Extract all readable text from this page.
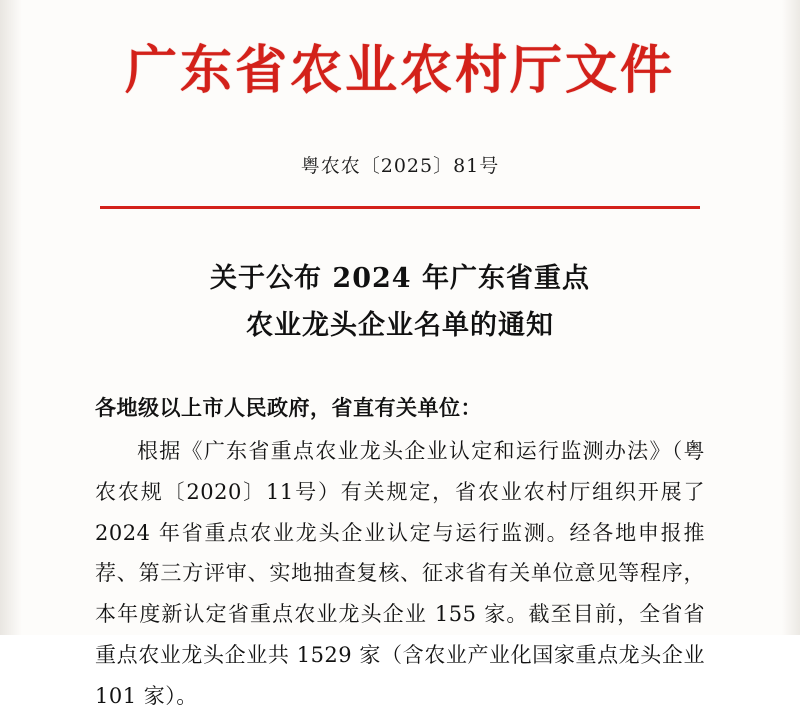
广东省农业农村厅文件
粤农农〔2025〕81号
关于公布 2024 年广东省重点
农业龙头企业名单的通知
各地级以上市人民政府，省直有关单位：

根据《广东省重点农业龙头企业认定和运行监测办法》（粤农农规〔2020〕11号）有关规定，省农业农村厅组织开展了 2024 年省重点农业龙头企业认定与运行监测。经各地申报推荐、第三方评审、实地抽查复核、征求省有关单位意见等程序，本年度新认定省重点农业龙头企业 155 家。截至目前，全省省重点农业龙头企业共 1529 家（含农业产业化国家重点龙头企业 101 家）。
